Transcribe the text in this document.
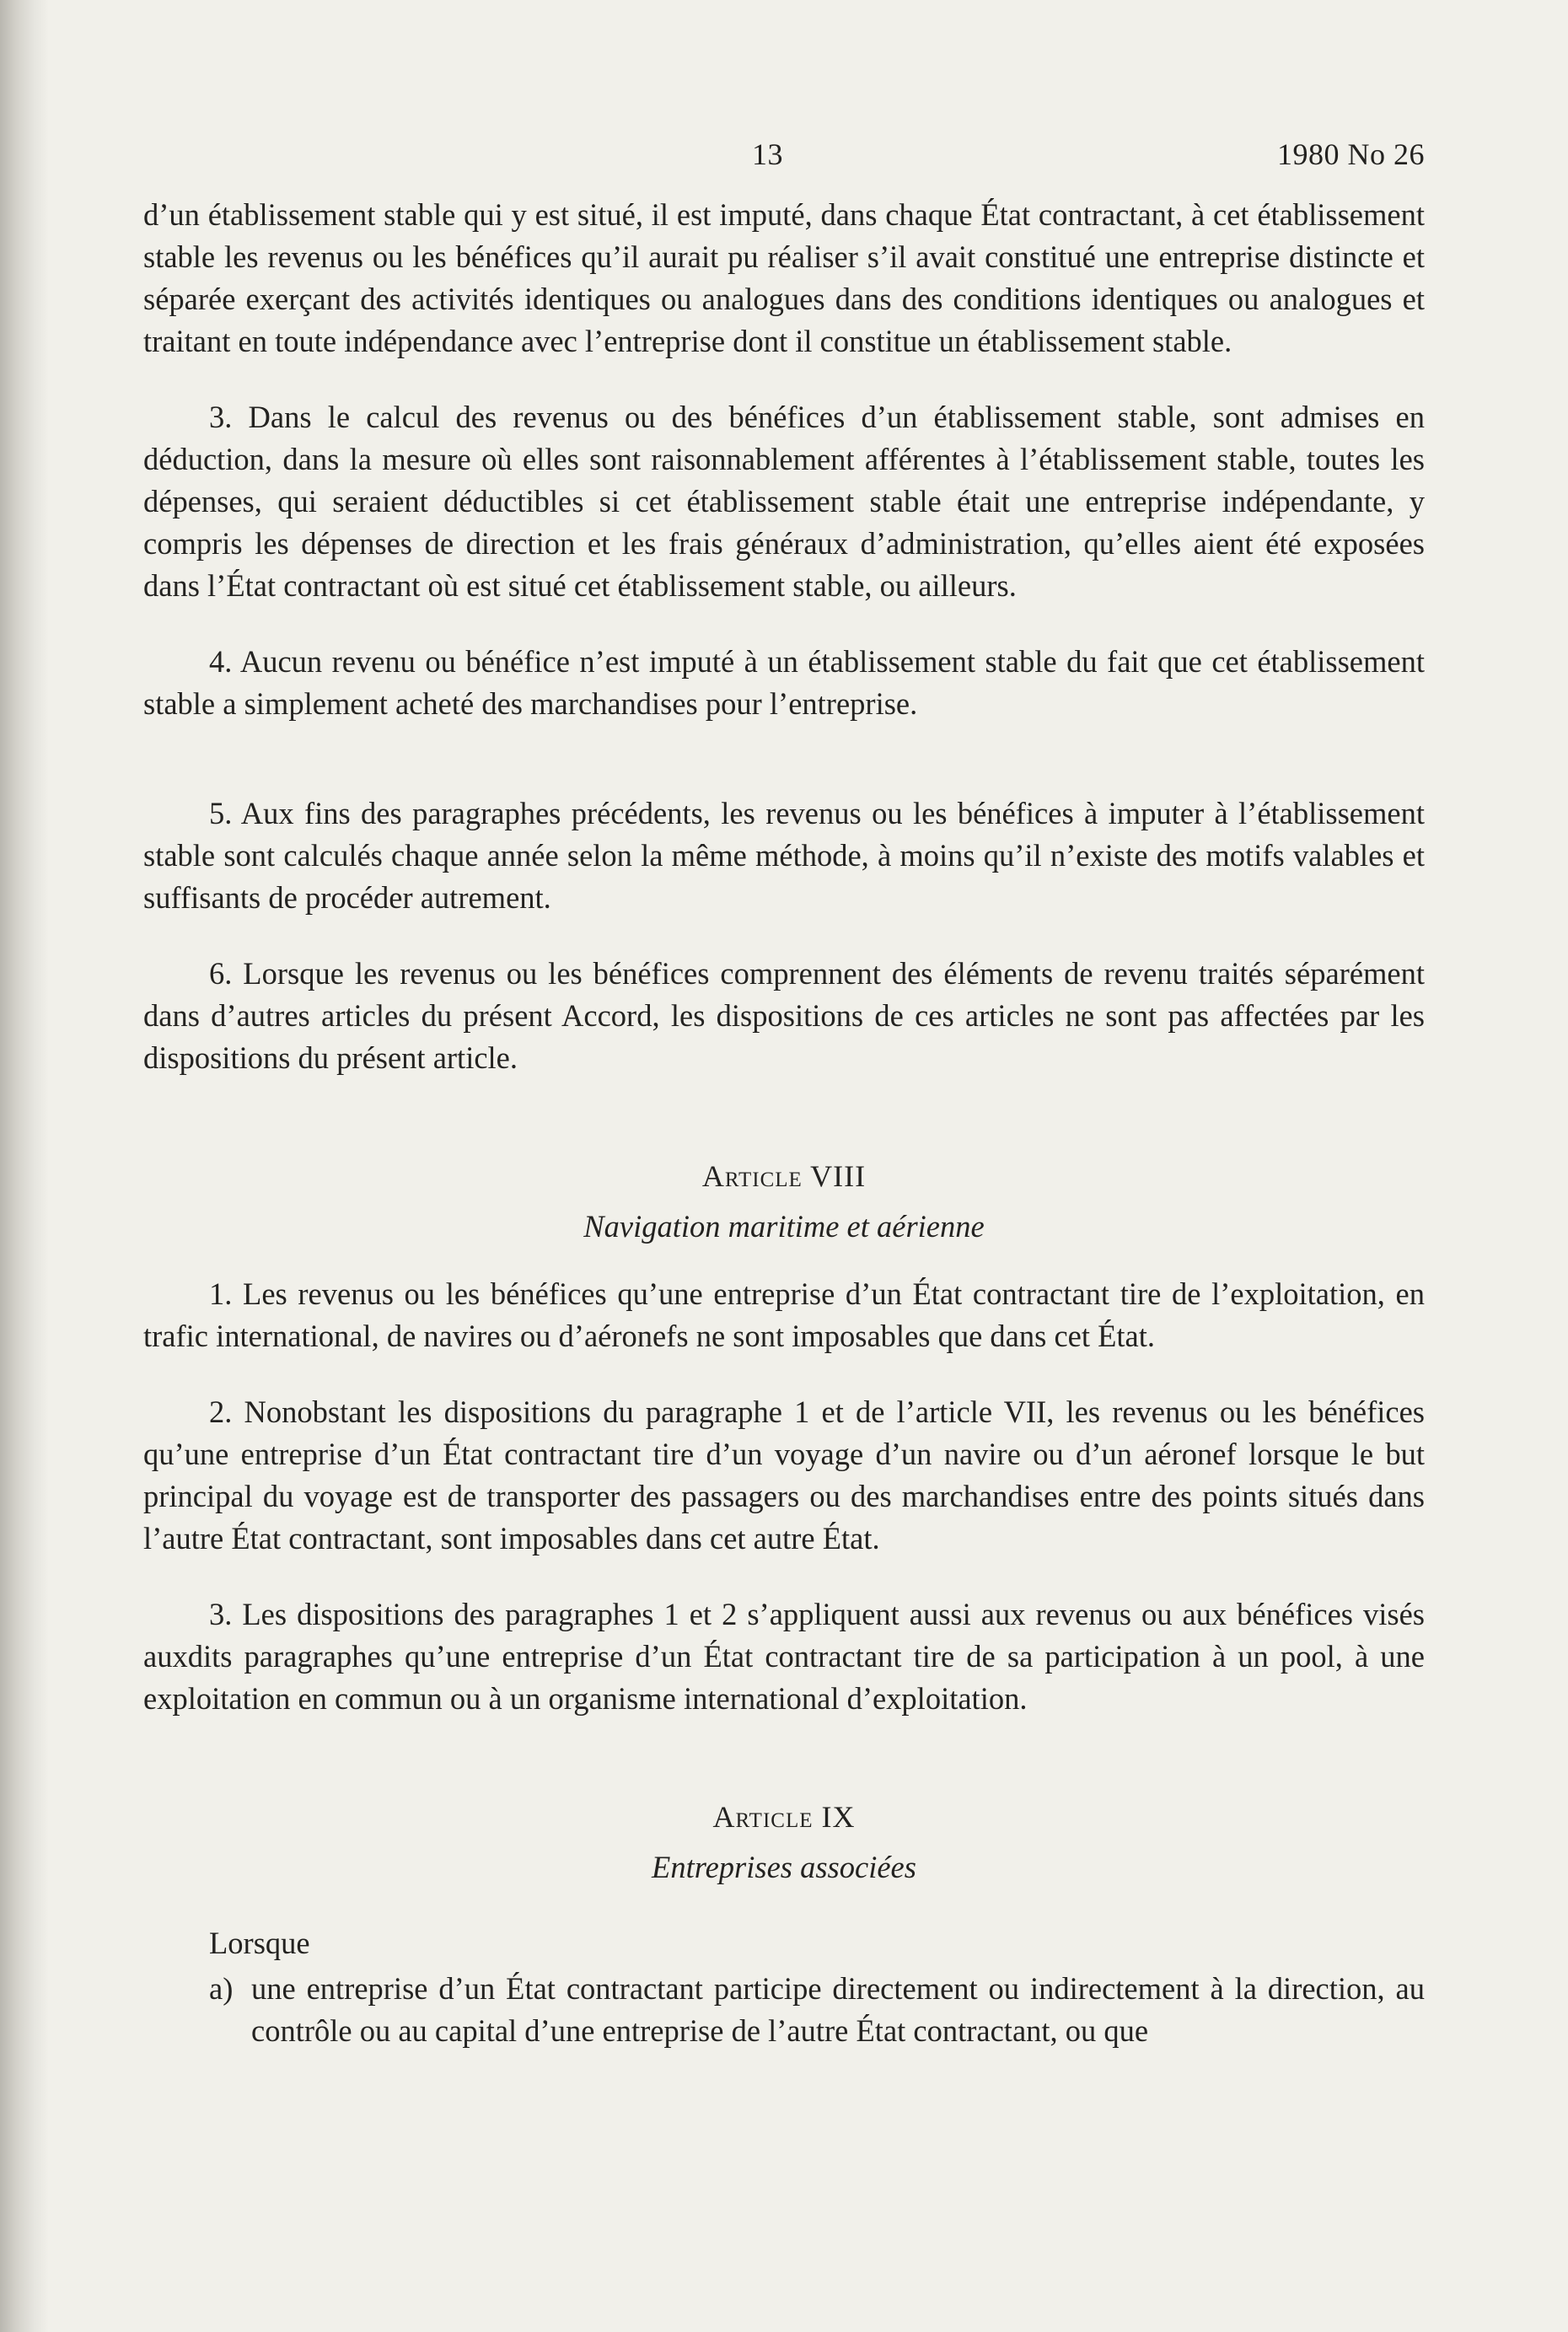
13	1980 No 26

d’un établissement stable qui y est situé, il est imputé, dans chaque État contractant, à cet établissement stable les revenus ou les bénéfices qu’il aurait pu réaliser s’il avait constitué une entreprise distincte et séparée exerçant des activités identiques ou analogues dans des conditions identiques ou analogues et traitant en toute indépendance avec l’entreprise dont il constitue un établissement stable.

3. Dans le calcul des revenus ou des bénéfices d’un établissement stable, sont admises en déduction, dans la mesure où elles sont raisonnablement afférentes à l’établissement stable, toutes les dépenses, qui seraient déductibles si cet établissement stable était une entreprise indépendante, y compris les dépenses de direction et les frais généraux d’administration, qu’elles aient été exposées dans l’État contractant où est situé cet établissement stable, ou ailleurs.

4. Aucun revenu ou bénéfice n’est imputé à un établissement stable du fait que cet établissement stable a simplement acheté des marchandises pour l’entreprise.

5. Aux fins des paragraphes précédents, les revenus ou les bénéfices à imputer à l’établissement stable sont calculés chaque année selon la même méthode, à moins qu’il n’existe des motifs valables et suffisants de procéder autrement.

6. Lorsque les revenus ou les bénéfices comprennent des éléments de revenu traités séparément dans d’autres articles du présent Accord, les dispositions de ces articles ne sont pas affectées par les dispositions du présent article.

Article VIII
Navigation maritime et aérienne

1. Les revenus ou les bénéfices qu’une entreprise d’un État contractant tire de l’exploitation, en trafic international, de navires ou d’aéronefs ne sont imposables que dans cet État.

2. Nonobstant les dispositions du paragraphe 1 et de l’article VII, les revenus ou les bénéfices qu’une entreprise d’un État contractant tire d’un voyage d’un navire ou d’un aéronef lorsque le but principal du voyage est de transporter des passagers ou des marchandises entre des points situés dans l’autre État contractant, sont imposables dans cet autre État.

3. Les dispositions des paragraphes 1 et 2 s’appliquent aussi aux revenus ou aux bénéfices visés auxdits paragraphes qu’une entreprise d’un État contractant tire de sa participation à un pool, à une exploitation en commun ou à un organisme international d’exploitation.

Article IX
Entreprises associées
Lorsque
a) une entreprise d’un État contractant participe directement ou indirectement à la direction, au contrôle ou au capital d’une entreprise de l’autre État contractant, ou que
